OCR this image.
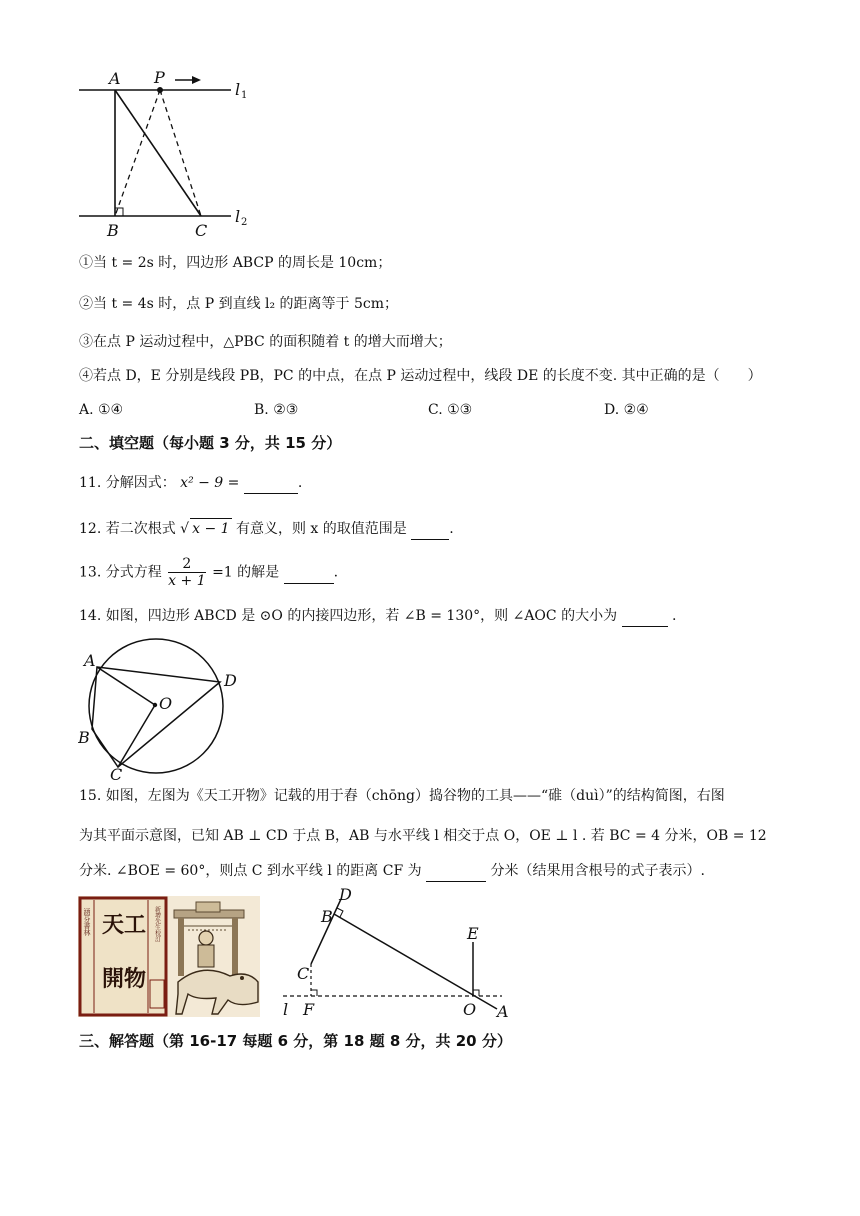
A P
B	C
l 1
l 2
①当 t = 2s 时，四边形 ABCP 的周长是 10cm；
②当 t = 4s 时，点 P 到直线 l₂ 的距离等于 5cm；
③在点 P 运动过程中，△PBC 的面积随着 t 的增大而增大；
④若点 D，E 分别是线段 PB，PC 的中点，在点 P 运动过程中，线段 DE 的长度不变. 其中正确的是（　　）
A. ①④	B. ②③	C. ①③	D. ②④
二、填空题（每小题 3 分，共 15 分）
11. 分解因式： x² − 9 =	.
12. 若二次根式 √ x − 1 有意义，则 x 的取值范围是	.
13. 分式方程 $\frac{2}{x + 1} =1$ 的解是	.
14. 如图，四边形 ABCD 是 ⊙O 的内接四边形，若 ∠B = 130°，则 ∠AOC 的大小为	.
A
D
O
B
C
15. 如图，左图为《天工开物》记载的用于舂（chōng）捣谷物的工具——“碓（duì）”的结构简图，右图
为其平面示意图，已知 AB ⊥ CD 于点 B，AB 与水平线 l 相交于点 O，OE ⊥ l . 若 BC = 4 分米，OB = 12
分米. ∠BOE = 60°，则点 C 到水平线 l 的距离 CF 为	分米（结果用含根号的式子表示）.
涵芬書林	新增先生校訂
天 工
開 物
D
B
C
E
l F	O A
三、解答题（第 16-17 每题 6 分，第 18 题 8 分，共 20 分）
